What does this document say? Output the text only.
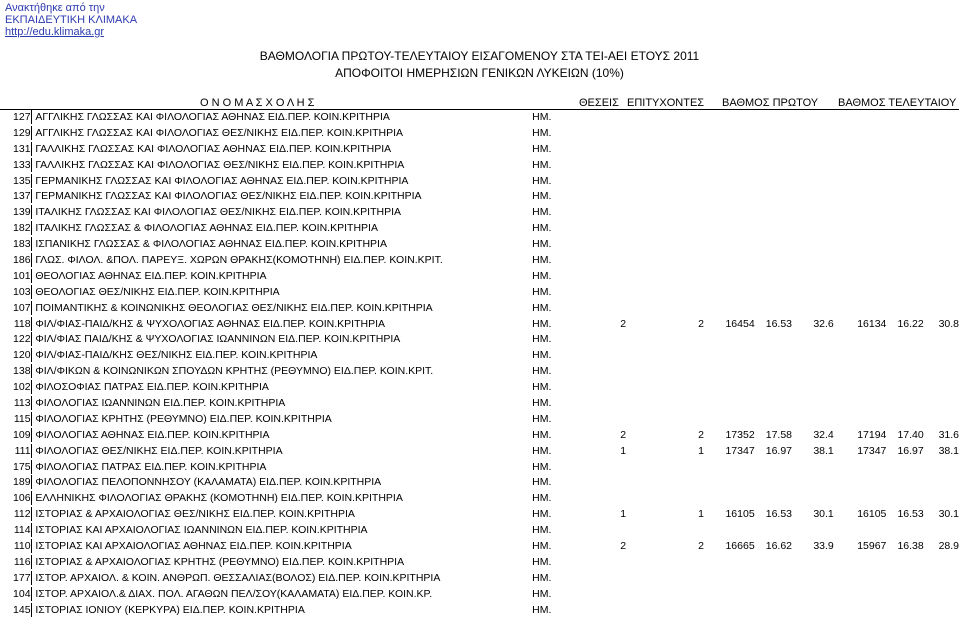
Ανακτήθηκε από την
ΕΚΠΑΙΔΕΥΤΙΚΗ ΚΛΙΜΑΚΑ
http://edu.klimaka.gr
ΒΑΘΜΟΛΟΓΙΑ ΠΡΩΤΟΥ-ΤΕΛΕΥΤΑΙΟΥ ΕΙΣΑΓΟΜΕΝΟΥ ΣΤΑ ΤΕΙ-ΑΕΙ ΕΤΟΥΣ 2011
ΑΠΟΦΟΙΤΟΙ ΗΜΕΡΗΣΙΩΝ ΓΕΝΙΚΩΝ ΛΥΚΕΙΩΝ (10%)
Ο Ν Ο Μ Α Σ Χ Ο Λ Η Σ	ΘΕΣΕΙΣ ΕΠΙΤΥΧΟΝΤΕΣ ΒΑΘΜΟΣ ΠΡΩΤΟΥ ΒΑΘΜΟΣ ΤΕΛΕΥΤΑΙΟΥ
127		ΑΓΓΛΙΚΗΣ ΓΛΩΣΣΑΣ ΚΑΙ ΦΙΛΟΛΟΓΙΑΣ ΑΘΗΝΑΣ ΕΙΔ.ΠΕΡ. ΚΟΙΝ.ΚΡΙΤΗΡΙΑ	ΗΜ.								

129		ΑΓΓΛΙΚΗΣ ΓΛΩΣΣΑΣ ΚΑΙ ΦΙΛΟΛΟΓΙΑΣ ΘΕΣ/ΝΙΚΗΣ ΕΙΔ.ΠΕΡ. ΚΟΙΝ.ΚΡΙΤΗΡΙΑ	ΗΜ.								

131		ΓΑΛΛΙΚΗΣ ΓΛΩΣΣΑΣ ΚΑΙ ΦΙΛΟΛΟΓΙΑΣ ΑΘΗΝΑΣ ΕΙΔ.ΠΕΡ. ΚΟΙΝ.ΚΡΙΤΗΡΙΑ	ΗΜ.								

133		ΓΑΛΛΙΚΗΣ ΓΛΩΣΣΑΣ ΚΑΙ ΦΙΛΟΛΟΓΙΑΣ ΘΕΣ/ΝΙΚΗΣ ΕΙΔ.ΠΕΡ. ΚΟΙΝ.ΚΡΙΤΗΡΙΑ	ΗΜ.								

135		ΓΕΡΜΑΝΙΚΗΣ ΓΛΩΣΣΑΣ ΚΑΙ ΦΙΛΟΛΟΓΙΑΣ ΑΘΗΝΑΣ ΕΙΔ.ΠΕΡ. ΚΟΙΝ.ΚΡΙΤΗΡΙΑ	ΗΜ.								

137		ΓΕΡΜΑΝΙΚΗΣ ΓΛΩΣΣΑΣ ΚΑΙ ΦΙΛΟΛΟΓΙΑΣ ΘΕΣ/ΝΙΚΗΣ ΕΙΔ.ΠΕΡ. ΚΟΙΝ.ΚΡΙΤΗΡΙΑ	ΗΜ.								

139		ΙΤΑΛΙΚΗΣ ΓΛΩΣΣΑΣ ΚΑΙ ΦΙΛΟΛΟΓΙΑΣ ΘΕΣ/ΝΙΚΗΣ ΕΙΔ.ΠΕΡ. ΚΟΙΝ.ΚΡΙΤΗΡΙΑ	ΗΜ.								

182		ΙΤΑΛΙΚΗΣ ΓΛΩΣΣΑΣ & ΦΙΛΟΛΟΓΙΑΣ ΑΘΗΝΑΣ ΕΙΔ.ΠΕΡ. ΚΟΙΝ.ΚΡΙΤΗΡΙΑ	ΗΜ.								

183		ΙΣΠΑΝΙΚΗΣ ΓΛΩΣΣΑΣ & ΦΙΛΟΛΟΓΙΑΣ ΑΘΗΝΑΣ ΕΙΔ.ΠΕΡ. ΚΟΙΝ.ΚΡΙΤΗΡΙΑ	ΗΜ.								

186		ΓΛΩΣ. ΦΙΛΟΛ. &ΠΟΛ. ΠΑΡΕΥΞ. ΧΩΡΩΝ ΘΡΑΚΗΣ(ΚΟΜΟΤΗΝΗ) ΕΙΔ.ΠΕΡ. ΚΟΙΝ.ΚΡΙΤ.	ΗΜ.								

101		ΘΕΟΛΟΓΙΑΣ ΑΘΗΝΑΣ ΕΙΔ.ΠΕΡ. ΚΟΙΝ.ΚΡΙΤΗΡΙΑ	ΗΜ.								

103		ΘΕΟΛΟΓΙΑΣ ΘΕΣ/ΝΙΚΗΣ ΕΙΔ.ΠΕΡ. ΚΟΙΝ.ΚΡΙΤΗΡΙΑ	ΗΜ.								

107		ΠΟΙΜΑΝΤΙΚΗΣ & ΚΟΙΝΩΝΙΚΗΣ ΘΕΟΛΟΓΙΑΣ ΘΕΣ/ΝΙΚΗΣ ΕΙΔ.ΠΕΡ. ΚΟΙΝ.ΚΡΙΤΗΡΙΑ	ΗΜ.								

118		ΦΙΛ/ΦΙΑΣ-ΠΑΙΔ/ΚΗΣ & ΨΥΧΟΛΟΓΙΑΣ ΑΘΗΝΑΣ ΕΙΔ.ΠΕΡ. ΚΟΙΝ.ΚΡΙΤΗΡΙΑ	ΗΜ.	2	2	16454	16.53	32.6	16134	16.22	30.8

122		ΦΙΛ/ΦΙΑΣ ΠΑΙΔ/ΚΗΣ & ΨΥΧΟΛΟΓΙΑΣ ΙΩΑΝΝΙΝΩΝ ΕΙΔ.ΠΕΡ. ΚΟΙΝ.ΚΡΙΤΗΡΙΑ	ΗΜ.								

120		ΦΙΛ/ΦΙΑΣ-ΠΑΙΔ/ΚΗΣ ΘΕΣ/ΝΙΚΗΣ ΕΙΔ.ΠΕΡ. ΚΟΙΝ.ΚΡΙΤΗΡΙΑ	ΗΜ.								

138		ΦΙΛ/ΦΙΚΩΝ & ΚΟΙΝΩΝΙΚΩΝ ΣΠΟΥΔΩΝ ΚΡΗΤΗΣ (ΡΕΘΥΜΝΟ) ΕΙΔ.ΠΕΡ. ΚΟΙΝ.ΚΡΙΤ.	ΗΜ.								

102		ΦΙΛΟΣΟΦΙΑΣ ΠΑΤΡΑΣ ΕΙΔ.ΠΕΡ. ΚΟΙΝ.ΚΡΙΤΗΡΙΑ	ΗΜ.								

113		ΦΙΛΟΛΟΓΙΑΣ ΙΩΑΝΝΙΝΩΝ ΕΙΔ.ΠΕΡ. ΚΟΙΝ.ΚΡΙΤΗΡΙΑ	ΗΜ.								

115		ΦΙΛΟΛΟΓΙΑΣ ΚΡΗΤΗΣ (ΡΕΘΥΜΝΟ) ΕΙΔ.ΠΕΡ. ΚΟΙΝ.ΚΡΙΤΗΡΙΑ	ΗΜ.								

109		ΦΙΛΟΛΟΓΙΑΣ ΑΘΗΝΑΣ ΕΙΔ.ΠΕΡ. ΚΟΙΝ.ΚΡΙΤΗΡΙΑ	ΗΜ.	2	2	17352	17.58	32.4	17194	17.40	31.6

111		ΦΙΛΟΛΟΓΙΑΣ ΘΕΣ/ΝΙΚΗΣ ΕΙΔ.ΠΕΡ. ΚΟΙΝ.ΚΡΙΤΗΡΙΑ	ΗΜ.	1	1	17347	16.97	38.1	17347	16.97	38.1

175		ΦΙΛΟΛΟΓΙΑΣ ΠΑΤΡΑΣ ΕΙΔ.ΠΕΡ. ΚΟΙΝ.ΚΡΙΤΗΡΙΑ	ΗΜ.								

189		ΦΙΛΟΛΟΓΙΑΣ ΠΕΛΟΠΟΝΝΗΣΟΥ (ΚΑΛΑΜΑΤΑ) ΕΙΔ.ΠΕΡ. ΚΟΙΝ.ΚΡΙΤΗΡΙΑ	ΗΜ.								

106		ΕΛΛΗΝΙΚΗΣ ΦΙΛΟΛΟΓΙΑΣ ΘΡΑΚΗΣ (ΚΟΜΟΤΗΝΗ) ΕΙΔ.ΠΕΡ. ΚΟΙΝ.ΚΡΙΤΗΡΙΑ	ΗΜ.								

112		ΙΣΤΟΡΙΑΣ & ΑΡΧΑΙΟΛΟΓΙΑΣ ΘΕΣ/ΝΙΚΗΣ ΕΙΔ.ΠΕΡ. ΚΟΙΝ.ΚΡΙΤΗΡΙΑ	ΗΜ.	1	1	16105	16.53	30.1	16105	16.53	30.1

114		ΙΣΤΟΡΙΑΣ ΚΑΙ ΑΡΧΑΙΟΛΟΓΙΑΣ ΙΩΑΝΝΙΝΩΝ ΕΙΔ.ΠΕΡ. ΚΟΙΝ.ΚΡΙΤΗΡΙΑ	ΗΜ.								

110		ΙΣΤΟΡΙΑΣ ΚΑΙ ΑΡΧΑΙΟΛΟΓΙΑΣ ΑΘΗΝΑΣ ΕΙΔ.ΠΕΡ. ΚΟΙΝ.ΚΡΙΤΗΡΙΑ	ΗΜ.	2	2	16665	16.62	33.9	15967	16.38	28.9

116		ΙΣΤΟΡΙΑΣ & ΑΡΧΑΙΟΛΟΓΙΑΣ ΚΡΗΤΗΣ (ΡΕΘΥΜΝΟ) ΕΙΔ.ΠΕΡ. ΚΟΙΝ.ΚΡΙΤΗΡΙΑ	ΗΜ.								

177		ΙΣΤΟΡ. ΑΡΧΑΙΟΛ. & ΚΟΙΝ. ΑΝΘΡΩΠ. ΘΕΣΣΑΛΙΑΣ(ΒΟΛΟΣ) ΕΙΔ.ΠΕΡ. ΚΟΙΝ.ΚΡΙΤΗΡΙΑ	ΗΜ.								

104		ΙΣΤΟΡ. ΑΡΧΑΙΟΛ.& ΔΙΑΧ. ΠΟΛ. ΑΓΑΘΩΝ ΠΕΛ/ΣΟΥ(ΚΑΛΑΜΑΤΑ) ΕΙΔ.ΠΕΡ. ΚΟΙΝ.ΚΡ.	ΗΜ.								

145		ΙΣΤΟΡΙΑΣ ΙΟΝΙΟΥ (ΚΕΡΚΥΡΑ) ΕΙΔ.ΠΕΡ. ΚΟΙΝ.ΚΡΙΤΗΡΙΑ	ΗΜ.								
